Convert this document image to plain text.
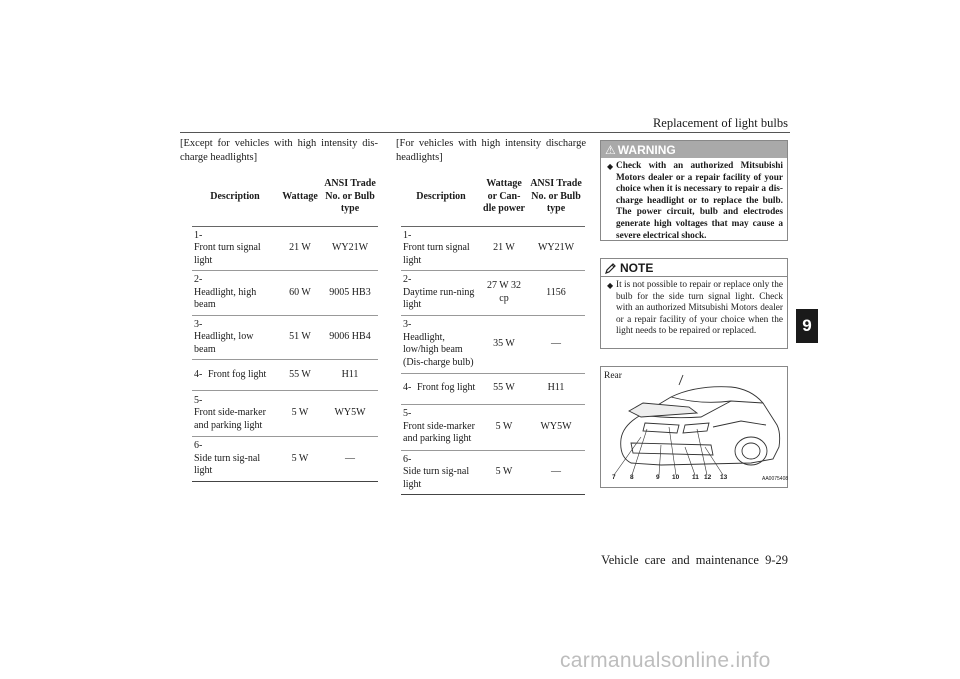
Replacement of light bulbs
9
[Except for vehicles with high intensity dis-charge headlights]
Description	Wattage	ANSI Trade No. or Bulb type
1-Front turn signal light	21 W	WY21W
2-Headlight, high beam	60 W	9005 HB3
3-Headlight, low beam	51 W	9006 HB4
4- Front fog light	55 W	H11
5-Front side-marker and parking light	5 W	WY5W
6-Side turn sig-nal light	5 W	—
[For vehicles with high intensity discharge headlights]
Description	Wattage or Can-dle power	ANSI Trade No. or Bulb type
1-Front turn signal light	21 W	WY21W
2-Daytime run-ning light	27 W 32 cp	1156
3-Headlight, low/high beam (Dis-charge bulb)	35 W	—
4- Front fog light	55 W	H11
5-Front side-marker and parking light	5 W	WY5W
6-Side turn sig-nal light	5 W	—
⚠ WARNING
◆ Check with an authorized Mitsubishi Motors dealer or a repair facility of your choice when it is necessary to repair a dis-charge headlight or to replace the bulb. The power circuit, bulb and electrodes generate high voltages that may cause a severe electrical shock.
NOTE
◆ It is not possible to repair or replace only the bulb for the side turn signal light. Check with an authorized Mitsubishi Motors dealer or a repair facility of your choice when the light needs to be repaired or replaced.
Rear
AA0075408
7 8	9 10 11 12 13
Vehicle care and maintenance 9-29
carmanualsonline.info
